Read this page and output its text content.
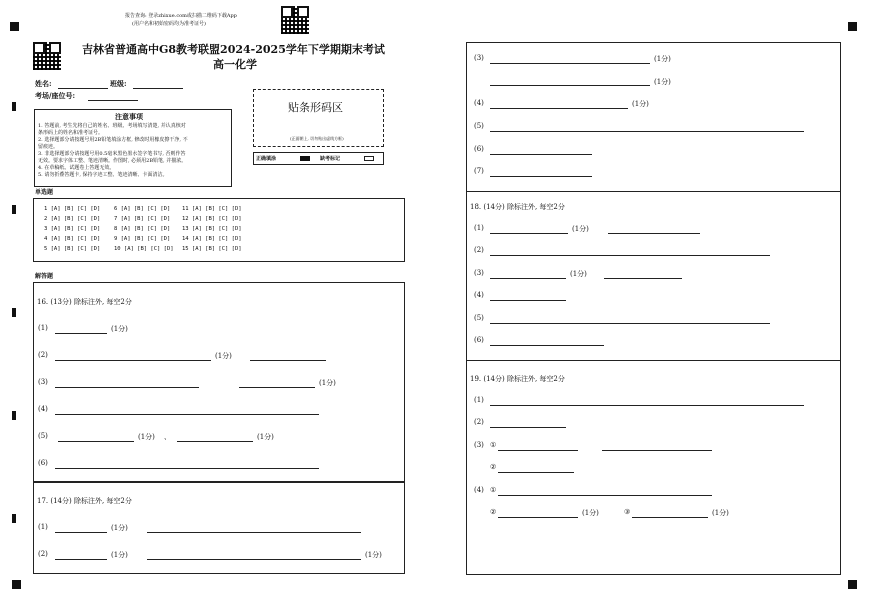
报告查询: 登录zhixue.com或扫描二维码下载App
(用户名和初始密码均为准考证号)
吉林省普通高中G8教考联盟2024-2025学年下学期期末考试
高一化学
姓名:	班级:
考场/座位号:
注意事项
1. 答题前, 考生先将自己的姓名、班级、考场填写清楚, 并认真核对
条形码上的姓名和准考证号。
2. 选择题部分请按题号用2B铅笔填涂方框, 修改时用橡皮擦干净, 不
留痕迹。
3. 非选择题部分请按题号用0.5毫米黑色墨水签字笔书写, 否则作答
无效。要求字体工整、笔迹清晰。作图时, 必须用2B铅笔, 并描浓。
4. 在草稿纸、试题卷上答题无效。
5. 请勿折叠答题卡, 保持字迹工整、笔迹清晰、卡面清洁。
贴条形码区
(正面朝上, 切勿贴出虚线方框)
正确填涂	缺考标记
单选题
1 [A] [B] [C] [D] 6 [A] [B] [C] [D] 11 [A] [B] [C] [D]
2 [A] [B] [C] [D] 7 [A] [B] [C] [D] 12 [A] [B] [C] [D]
3 [A] [B] [C] [D] 8 [A] [B] [C] [D] 13 [A] [B] [C] [D]
4 [A] [B] [C] [D] 9 [A] [B] [C] [D] 14 [A] [B] [C] [D]
5 [A] [B] [C] [D] 10 [A] [B] [C] [D] 15 [A] [B] [C] [D]
解答题
16. (13分) 除标注外, 每空2分
(1)	(1分)
(2)	(1分)
(3)	(1分)
(4)
(5)	(1分) 、	(1分)
(6)
17. (14分) 除标注外, 每空2分
(1)	(1分)
(2)	(1分)	(1分)
(3)	(1分)
(1分)
(4)	(1分)
(5)
(6)
(7)
18. (14分) 除标注外, 每空2分
(1)	(1分)
(2)
(3)	(1分)
(4)
(5)
(6)
19. (14分) 除标注外, 每空2分
(1)
(2)
(3) ①
②
(4) ①
②	(1分)	③	(1分)
